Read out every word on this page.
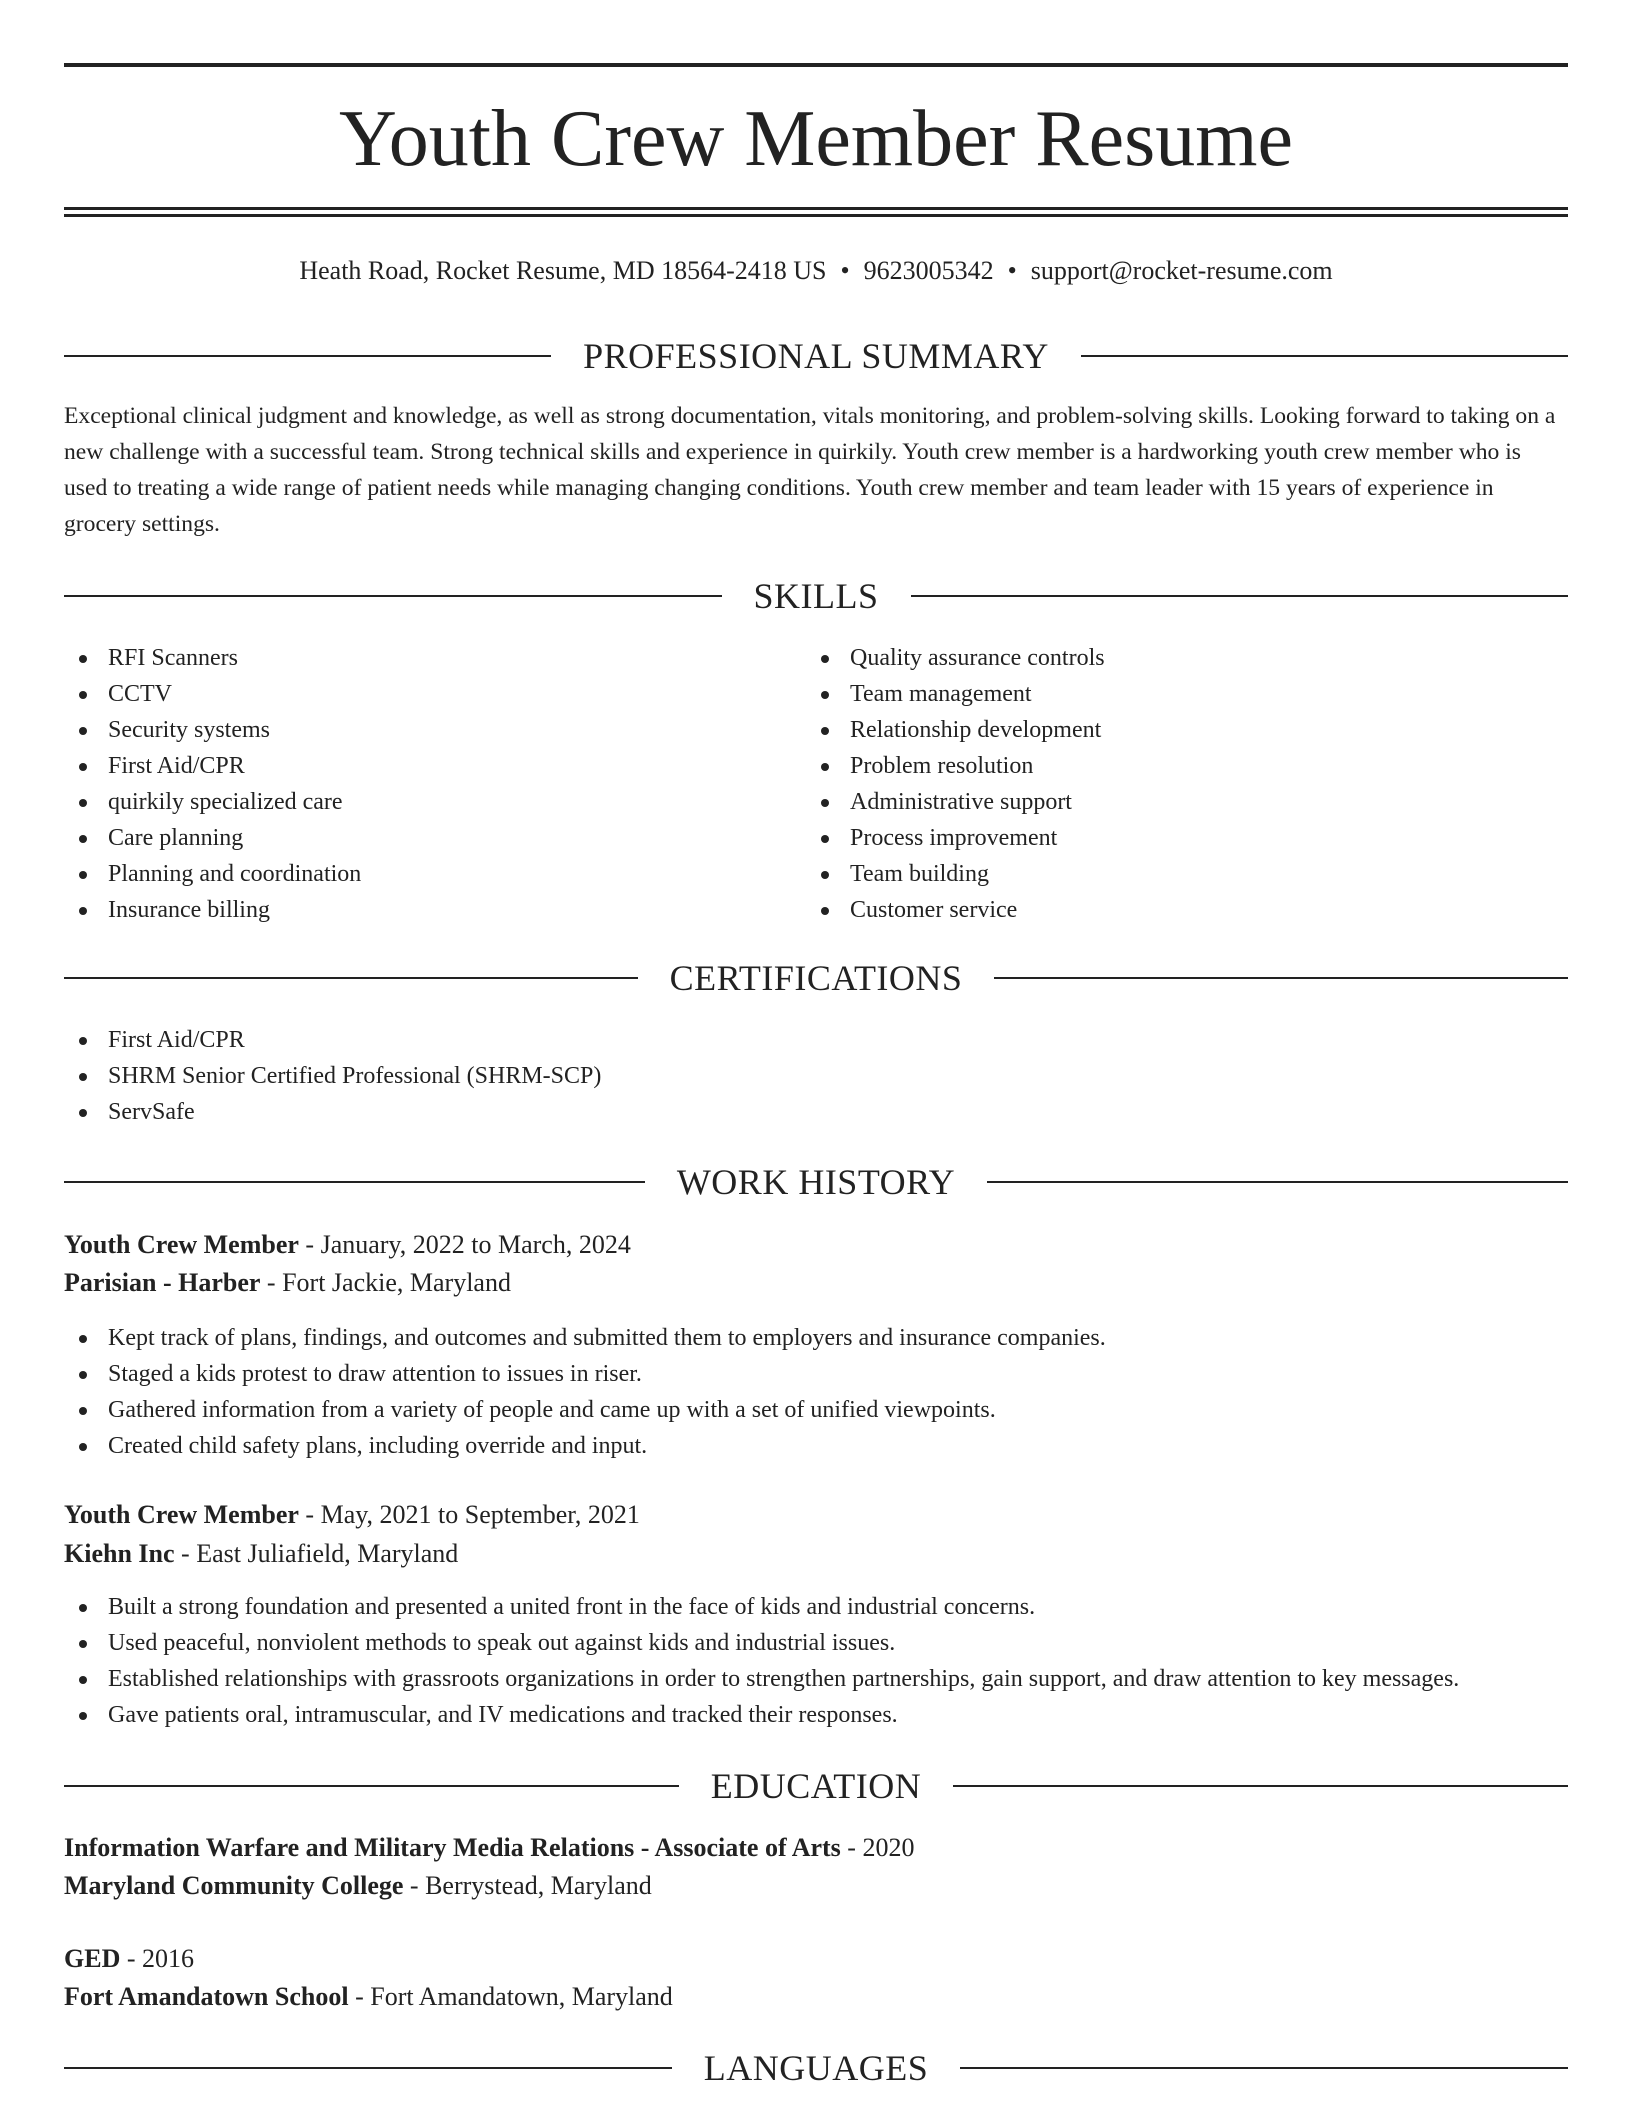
Youth Crew Member Resume
Heath Road, Rocket Resume, MD 18564-2418 US • 9623005342 • support@rocket-resume.com
PROFESSIONAL SUMMARY

Exceptional clinical judgment and knowledge, as well as strong documentation, vitals monitoring, and problem-solving skills. Looking forward to taking on a new challenge with a successful team. Strong technical skills and experience in quirkily. Youth crew member is a hardworking youth crew member who is used to treating a wide range of patient needs while managing changing conditions. Youth crew member and team leader with 15 years of experience in grocery settings.

SKILLS
RFI Scanners
CCTV
Security systems
First Aid/CPR
quirkily specialized care
Care planning
Planning and coordination
Insurance billing
Quality assurance controls
Team management
Relationship development
Problem resolution
Administrative support
Process improvement
Team building
Customer service
CERTIFICATIONS
First Aid/CPR
SHRM Senior Certified Professional (SHRM-SCP)
ServSafe
WORK HISTORY
Youth Crew Member - January, 2022 to March, 2024
Parisian - Harber - Fort Jackie, Maryland
Kept track of plans, findings, and outcomes and submitted them to employers and insurance companies.
Staged a kids protest to draw attention to issues in riser.
Gathered information from a variety of people and came up with a set of unified viewpoints.
Created child safety plans, including override and input.
Youth Crew Member - May, 2021 to September, 2021
Kiehn Inc - East Juliafield, Maryland
Built a strong foundation and presented a united front in the face of kids and industrial concerns.
Used peaceful, nonviolent methods to speak out against kids and industrial issues.
Established relationships with grassroots organizations in order to strengthen partnerships, gain support, and draw attention to key messages.
Gave patients oral, intramuscular, and IV medications and tracked their responses.
EDUCATION
Information Warfare and Military Media Relations - Associate of Arts - 2020
Maryland Community College - Berrystead, Maryland
GED - 2016
Fort Amandatown School - Fort Amandatown, Maryland
LANGUAGES
